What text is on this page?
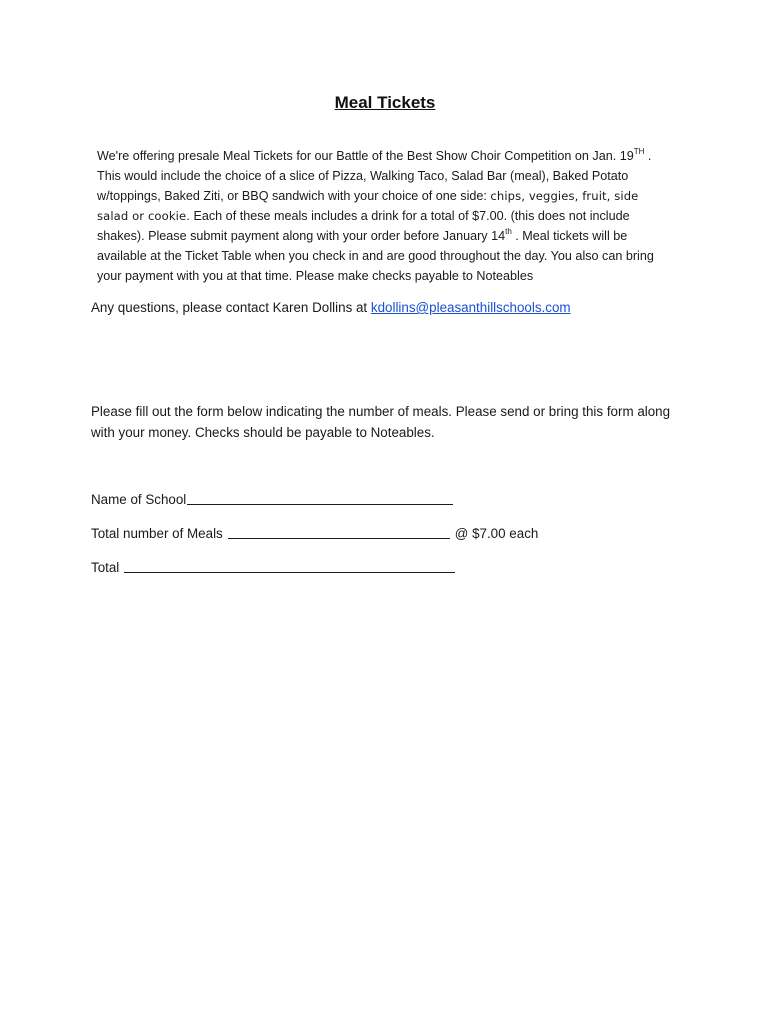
Meal Tickets
We're offering presale Meal Tickets for our Battle of the Best Show Choir Competition on Jan. 19TH .
This would include the choice of a slice of Pizza, Walking Taco, Salad Bar (meal), Baked Potato
w/toppings, Baked Ziti, or BBQ sandwich with your choice of one side: chips, veggies, fruit, side
salad or cookie. Each of these meals includes a drink for a total of $7.00. (this does not include
shakes). Please submit payment along with your order before January 14th . Meal tickets will be
available at the Ticket Table when you check in and are good throughout the day. You also can bring
your payment with you at that time. Please make checks payable to Noteables
Any questions, please contact Karen Dollins at kdollins@pleasanthillschools.com
Please fill out the form below indicating the number of meals. Please send or bring this form along
with your money. Checks should be payable to Noteables.
Name of School
Total number of Meals	@ $7.00 each
Total
